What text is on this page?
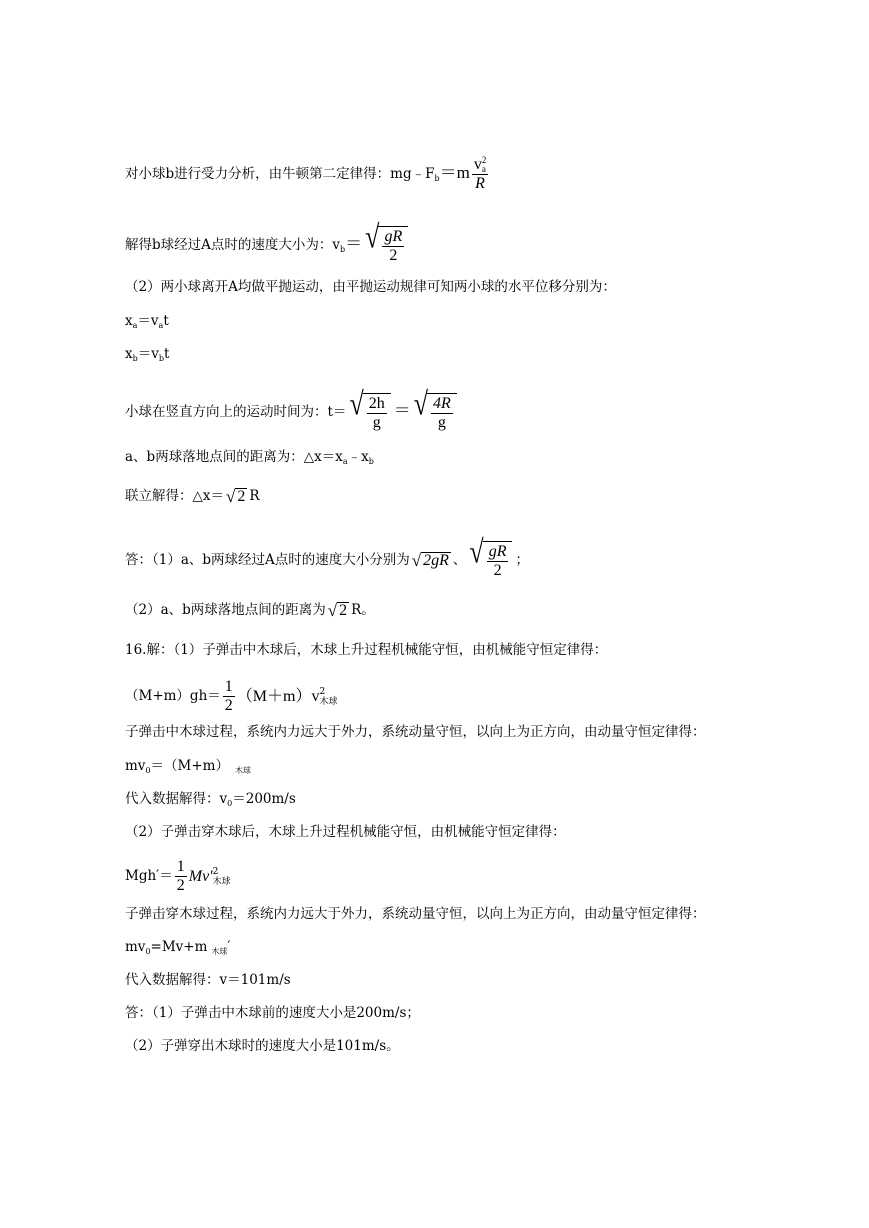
对小球b进行受力分析，由牛顿第二定律得：$mg﹣F_b=m$ v 2
a
R
解得b球经过A点时的速度大小为：$v_b=$ √ $\frac{gR}{2}$
（2）两小球离开A均做平抛运动，由平抛运动规律可知两小球的水平位移分别为：
$x_a=v_at$
$x_b=v_bt$
小球在竖直方向上的运动时间为：t＝ √ $\frac{2h}{g}$ ＝ √ $\frac{4R}{g}$
a、b两球落地点间的距离为：$\triangle x=x_a﹣x_b$
联立解得：△x＝ √ 2 R
答：（1）a、b两球经过A点时的速度大小分别为 √ 2gR 、 √ $\frac{gR}{2}$ ；
（2）a、b两球落地点间的距离为 √ 2 R。
16.解：（1）子弹击中木球后，木球上升过程机械能守恒，由机械能守恒定律得：
$(M+m)gh= \frac{1}{2} (M+m)v$ 2
木球
子弹击中木球过程，系统内力远大于外力，系统动量守恒，以向上为正方向，由动量守恒定律得：
$mv_0=(M+m)$ $_{木球}$
代入数据解得：$v_0=200m/s$
（2）子弹击穿木球后，木球上升过程机械能守恒，由机械能守恒定律得：
$Mgh'= \frac{1}{2} Mv'$ 2
木球
子弹击穿木球过程，系统内力远大于外力，系统动量守恒，以向上为正方向，由动量守恒定律得：
$mv_0=Mv+m$ $_{木球}$′
代入数据解得：v＝101m/s
答：（1）子弹击中木球前的速度大小是200m/s；
（2）子弹穿出木球时的速度大小是101m/s。
